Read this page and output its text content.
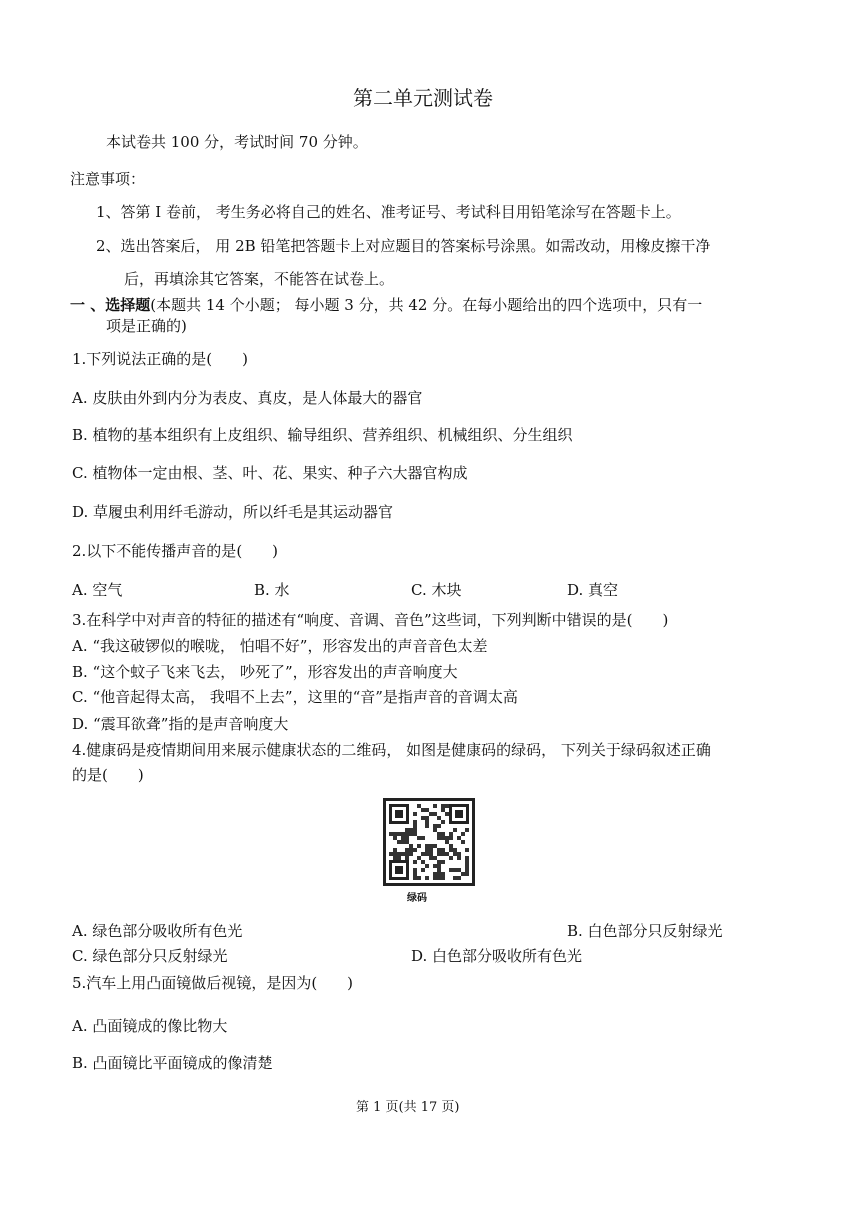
第二单元测试卷
本试卷共 100 分，考试时间 70 分钟。
注意事项：
1、答第 I 卷前， 考生务必将自己的姓名、准考证号、考试科目用铅笔涂写在答题卡上。
2、选出答案后， 用 2B 铅笔把答题卡上对应题目的答案标号涂黑。如需改动，用橡皮擦干净
后，再填涂其它答案，不能答在试卷上。
一 、选择题(本题共 14 个小题； 每小题 3 分，共 42 分。在每小题给出的四个选项中，只有一
项是正确的)
1.下列说法正确的是(　　)
A. 皮肤由外到内分为表皮、真皮，是人体最大的器官
B. 植物的基本组织有上皮组织、输导组织、营养组织、机械组织、分生组织
C. 植物体一定由根、茎、叶、花、果实、种子六大器官构成
D. 草履虫利用纤毛游动，所以纤毛是其运动器官
2.以下不能传播声音的是(　　)
A. 空气	B. 水	C. 木块	D. 真空
3.在科学中对声音的特征的描述有“响度、音调、音色”这些词，下列判断中错误的是(　　)
A. “我这破锣似的喉咙， 怕唱不好”，形容发出的声音音色太差
B. “这个蚊子飞来飞去， 吵死了”，形容发出的声音响度大
C. “他音起得太高， 我唱不上去”，这里的“音”是指声音的音调太高
D. “震耳欲聋”指的是声音响度大
4.健康码是疫情期间用来展示健康状态的二维码， 如图是健康码的绿码， 下列关于绿码叙述正确
的是(　　)
绿码
A. 绿色部分吸收所有色光	B. 白色部分只反射绿光
C. 绿色部分只反射绿光	D. 白色部分吸收所有色光
5.汽车上用凸面镜做后视镜，是因为(　　)
A. 凸面镜成的像比物大
B. 凸面镜比平面镜成的像清楚
第 1 页(共 17 页)
